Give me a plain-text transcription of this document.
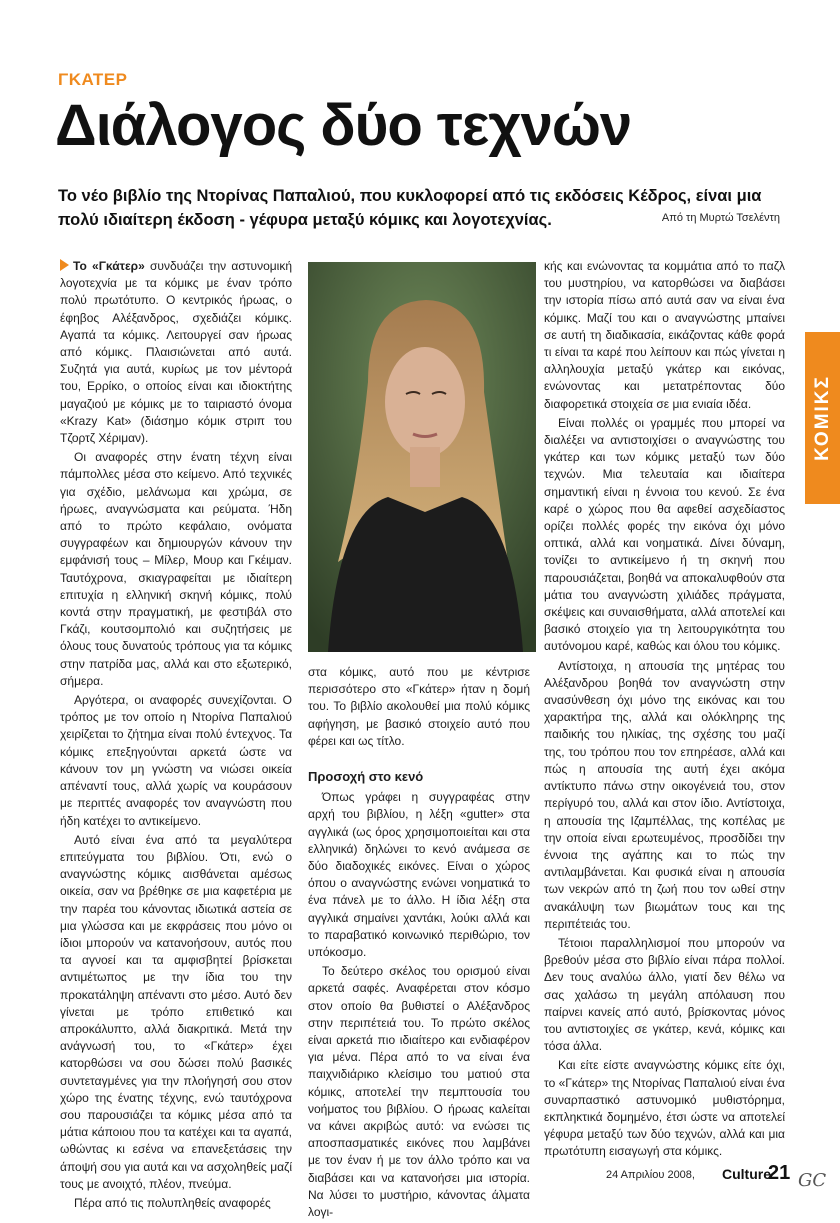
ΓΚΑΤΕΡ
Διάλογος δύο τεχνών
Το νέο βιβλίο της Ντορίνας Παπαλιού, που κυκλοφορεί από τις εκδόσεις Κέδρος, είναι μια πολύ ιδιαίτερη έκδοση - γέφυρα μεταξύ κόμικς και λογοτεχνίας.	Από τη Μυρτώ Τσελέντη

Το «Γκάτερ» συνδυάζει την αστυνομική λογοτεχνία με τα κόμικς με έναν τρόπο πολύ πρωτότυπο. Ο κεντρικός ήρωας, ο έφηβος Αλέξανδρος, σχεδιάζει κόμικς. Αγαπά τα κόμικς. Λειτουργεί σαν ήρωας από κόμικς. Πλαισιώνεται από αυτά. Συζητά για αυτά, κυρίως με τον μέντορά του, Ερρίκο, ο οποίος είναι και ιδιοκτήτης μαγαζιού με κόμικς με το ταιριαστό όνομα «Krazy Kat» (διάσημο κόμικ στριπ του Τζορτζ Χέριμαν).

Οι αναφορές στην ένατη τέχνη είναι πάμπολλες μέσα στο κείμενο. Από τεχνικές για σχέδιο, μελάνωμα και χρώμα, σε ήρωες, αναγνώσματα και ρεύματα. Ήδη από το πρώτο κεφάλαιο, ονόματα συγγραφέων και δημιουργών κάνουν την εμφάνισή τους – Μίλερ, Μουρ και Γκέιμαν. Ταυτόχρονα, σκιαγραφείται με ιδιαίτερη επιτυχία η ελληνική σκηνή κόμικς, πολύ κοντά στην πραγματική, με φεστιβάλ στο Γκάζι, κουτσομπολιό και συζητήσεις με όλους τους δυνατούς τρόπους για τα κόμικς στην πατρίδα μας, αλλά και στο εξωτερικό, σήμερα.

Αργότερα, οι αναφορές συνεχίζονται. Ο τρόπος με τον οποίο η Ντορίνα Παπαλιού χειρίζεται το ζήτημα είναι πολύ έντεχνος. Τα κόμικς επεξηγούνται αρκετά ώστε να κάνουν τον μη γνώστη να νιώσει οικεία απέναντί τους, αλλά χωρίς να κουράσουν με περιττές αναφορές τον αναγνώστη που ήδη κατέχει το αντικείμενο.

Αυτό είναι ένα από τα μεγαλύτερα επιτεύγματα του βιβλίου. Ότι, ενώ ο αναγνώστης κόμικς αισθάνεται αμέσως οικεία, σαν να βρέθηκε σε μια καφετέρια με την παρέα του κάνοντας ιδιωτικά αστεία σε μια γλώσσα και με εκφράσεις που μόνο οι ίδιοι μπορούν να κατανοήσουν, αυτός που τα αγνοεί και τα αμφισβητεί βρίσκεται αντιμέτωπος με την ίδια του την προκατάληψη απέναντι στο μέσο. Αυτό δεν γίνεται με τρόπο επιθετικό και απροκάλυπτο, αλλά διακριτικά. Μετά την ανάγνωσή του, το «Γκάτερ» έχει κατορθώσει να σου δώσει πολύ βασικές συντεταγμένες για την πλοήγησή σου στον χώρο της ένατης τέχνης, ενώ ταυτόχρονα σου παρουσιάζει τα κόμικς μέσα από τα μάτια κάποιου που τα κατέχει και τα αγαπά, ωθώντας κι εσένα να επανεξετάσεις την άποψή σου για αυτά και να ασχοληθείς μαζί τους με ανοιχτό, πλέον, πνεύμα.

Πέρα από τις πολυπληθείς αναφορές

στα κόμικς, αυτό που με κέντρισε περισσότερο στο «Γκάτερ» ήταν η δομή του. Το βιβλίο ακολουθεί μια πολύ κόμικς αφήγηση, με βασικό στοιχείο αυτό που φέρει και ως τίτλο.

Προσοχή στο κενό

Όπως γράφει η συγγραφέας στην αρχή του βιβλίου, η λέξη «gutter» στα αγγλικά (ως όρος χρησιμοποιείται και στα ελληνικά) δηλώνει το κενό ανάμεσα σε δύο διαδοχικές εικόνες. Είναι ο χώρος όπου ο αναγνώστης ενώνει νοηματικά το ένα πάνελ με το άλλο. Η ίδια λέξη στα αγγλικά σημαίνει χαντάκι, λούκι αλλά και το παραβατικό κοινωνικό περιθώριο, τον υπόκοσμο.

Το δεύτερο σκέλος του ορισμού είναι αρκετά σαφές. Αναφέρεται στον κόσμο στον οποίο θα βυθιστεί ο Αλέξανδρος στην περιπέτειά του. Το πρώτο σκέλος είναι αρκετά πιο ιδιαίτερο και ενδιαφέρον για μένα. Πέρα από το να είναι ένα παιχνιδιάρικο κλείσιμο του ματιού στα κόμικς, αποτελεί την πεμπτουσία του νοήματος του βιβλίου. Ο ήρωας καλείται να κάνει ακριβώς αυτό: να ενώσει τις αποσπασματικές εικόνες που λαμβάνει με τον έναν ή με τον άλλο τρόπο και να διαβάσει και να κατανοήσει μια ιστορία. Να λύσει το μυστήριο, κάνοντας άλματα λογι-

κής και ενώνοντας τα κομμάτια από το παζλ του μυστηρίου, να κατορθώσει να διαβάσει την ιστορία πίσω από αυτά σαν να είναι ένα κόμικς. Μαζί του και ο αναγνώστης μπαίνει σε αυτή τη διαδικασία, εικάζοντας κάθε φορά τι είναι τα καρέ που λείπουν και πώς γίνεται η αλληλουχία μεταξύ γκάτερ και εικόνας, ενώνοντας και μετατρέποντας δύο διαφορετικά στοιχεία σε μια ενιαία ιδέα.

Είναι πολλές οι γραμμές που μπορεί να διαλέξει να αντιστοιχίσει ο αναγνώστης του γκάτερ και των κόμικς μεταξύ των δύο τεχνών. Μια τελευταία και ιδιαίτερα σημαντική είναι η έννοια του κενού. Σε ένα καρέ ο χώρος που θα αφεθεί ασχεδίαστος ορίζει πολλές φορές την εικόνα όχι μόνο οπτικά, αλλά και νοηματικά. Δίνει δύναμη, τονίζει το αντικείμενο ή τη σκηνή που παρουσιάζεται, βοηθά να αποκαλυφθούν στα μάτια του αναγνώστη χιλιάδες πράγματα, σκέψεις και συναισθήματα, αλλά αποτελεί και βασικό στοιχείο για τη λειτουργικότητα του αυτόνομου καρέ, καθώς και όλου του κόμικς.

Αντίστοιχα, η απουσία της μητέρας του Αλέξανδρου βοηθά τον αναγνώστη στην ανασύνθεση όχι μόνο της εικόνας και του χαρακτήρα της, αλλά και ολόκληρης της παιδικής του ηλικίας, της σχέσης του μαζί της, του τρόπου που τον επηρέασε, αλλά και πώς η απουσία της αυτή έχει ακόμα αντίκτυπο πάνω στην οικογένειά του, στον περίγυρό του, αλλά και στον ίδιο. Αντίστοιχα, η απουσία της Ιζαμπέλλας, της κοπέλας με την οποία είναι ερωτευμένος, προσδίδει την έννοια της αγάπης και το πώς την αντιλαμβάνεται. Και φυσικά είναι η απουσία των νεκρών από τη ζωή που τον ωθεί στην ανακάλυψη των βιωμάτων τους και της περιπέτειάς του.

Τέτοιοι παραλληλισμοί που μπορούν να βρεθούν μέσα στο βιβλίο είναι πάρα πολλοί. Δεν τους αναλύω άλλο, γιατί δεν θέλω να σας χαλάσω τη μεγάλη απόλαυση που παίρνει κανείς από αυτό, βρίσκοντας μόνος του αντιστοιχίες σε γκάτερ, κενά, κόμικς και τόσα άλλα.

Και είτε είστε αναγνώστης κόμικς είτε όχι, το «Γκάτερ» της Ντορίνας Παπαλιού είναι ένα συναρπαστικό αστυνομικό μυθιστόρημα, εκπληκτικά δομημένο, έτσι ώστε να αποτελεί γέφυρα μεταξύ των δύο τεχνών, αλλά και μια πρωτότυπη εισαγωγή στα κόμικς.

ΚΟΜΙΚΣ
24 Απριλίου 2008, Culture
21 GC
